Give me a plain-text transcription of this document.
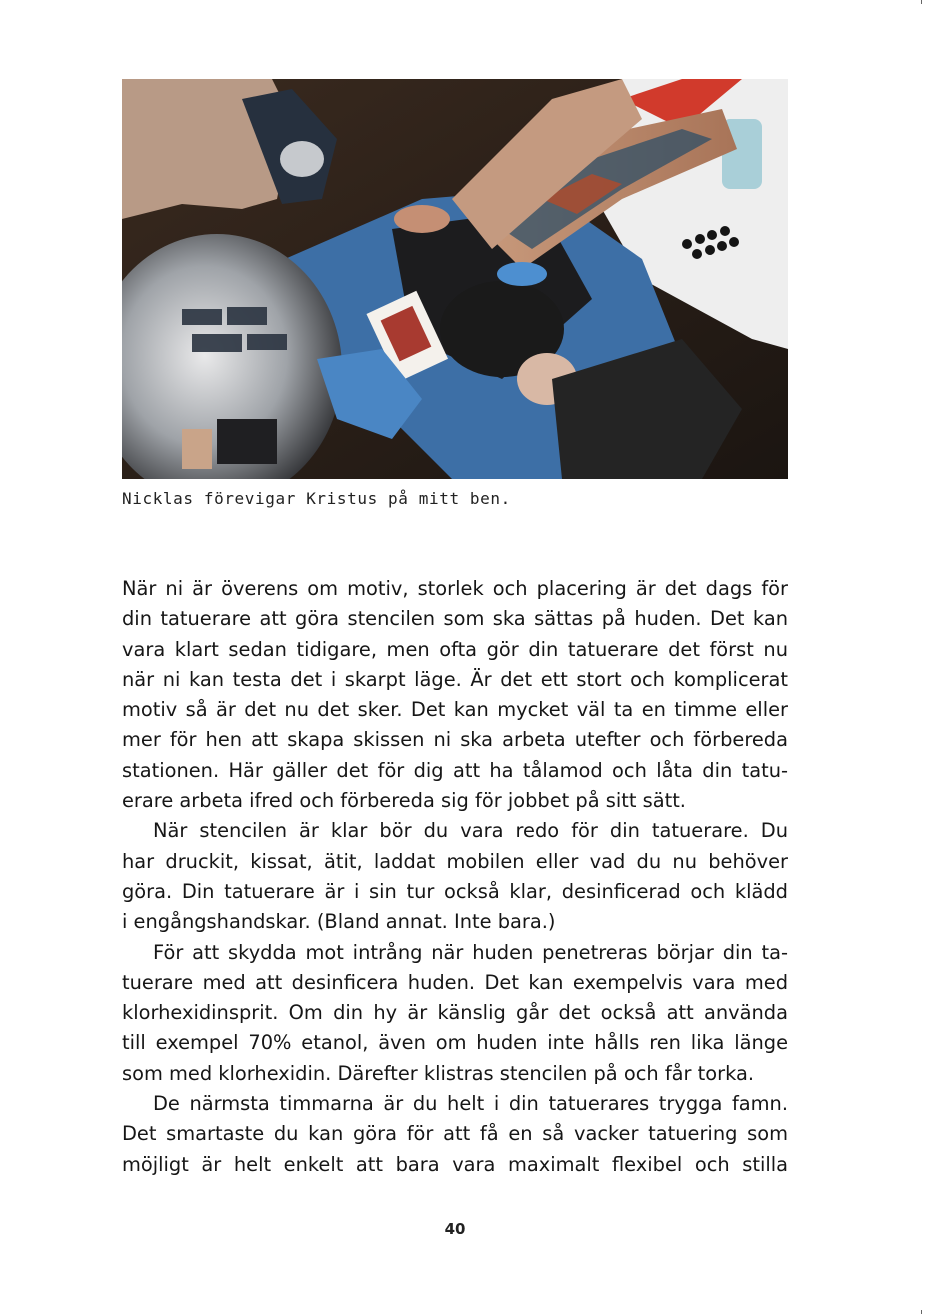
Nicklas förevigar Kristus på mitt ben.
När ni är överens om motiv, storlek och placering är det dags för
din tatuerare att göra stencilen som ska sättas på huden. Det kan
vara klart sedan tidigare, men ofta gör din tatuerare det först nu
när ni kan testa det i skarpt läge. Är det ett stort och komplicerat
motiv så är det nu det sker. Det kan mycket väl ta en timme eller
mer för hen att skapa skissen ni ska arbeta utefter och förbereda
stationen. Här gäller det för dig att ha tålamod och låta din tatu-
erare arbeta ifred och förbereda sig för jobbet på sitt sätt.
När stencilen är klar bör du vara redo för din tatuerare. Du
har druckit, kissat, ätit, laddat mobilen eller vad du nu behöver
göra. Din tatuerare är i sin tur också klar, desinficerad och klädd
i engångshandskar. (Bland annat. Inte bara.)
För att skydda mot intrång när huden penetreras börjar din ta-
tuerare med att desinficera huden. Det kan exempelvis vara med
klorhexidinsprit. Om din hy är känslig går det också att använda
till exempel 70% etanol, även om huden inte hålls ren lika länge
som med klorhexidin. Därefter klistras stencilen på och får torka.
De närmsta timmarna är du helt i din tatuerares trygga famn.
Det smartaste du kan göra för att få en så vacker tatuering som
möjligt är helt enkelt att bara vara maximalt flexibel och stilla
40
